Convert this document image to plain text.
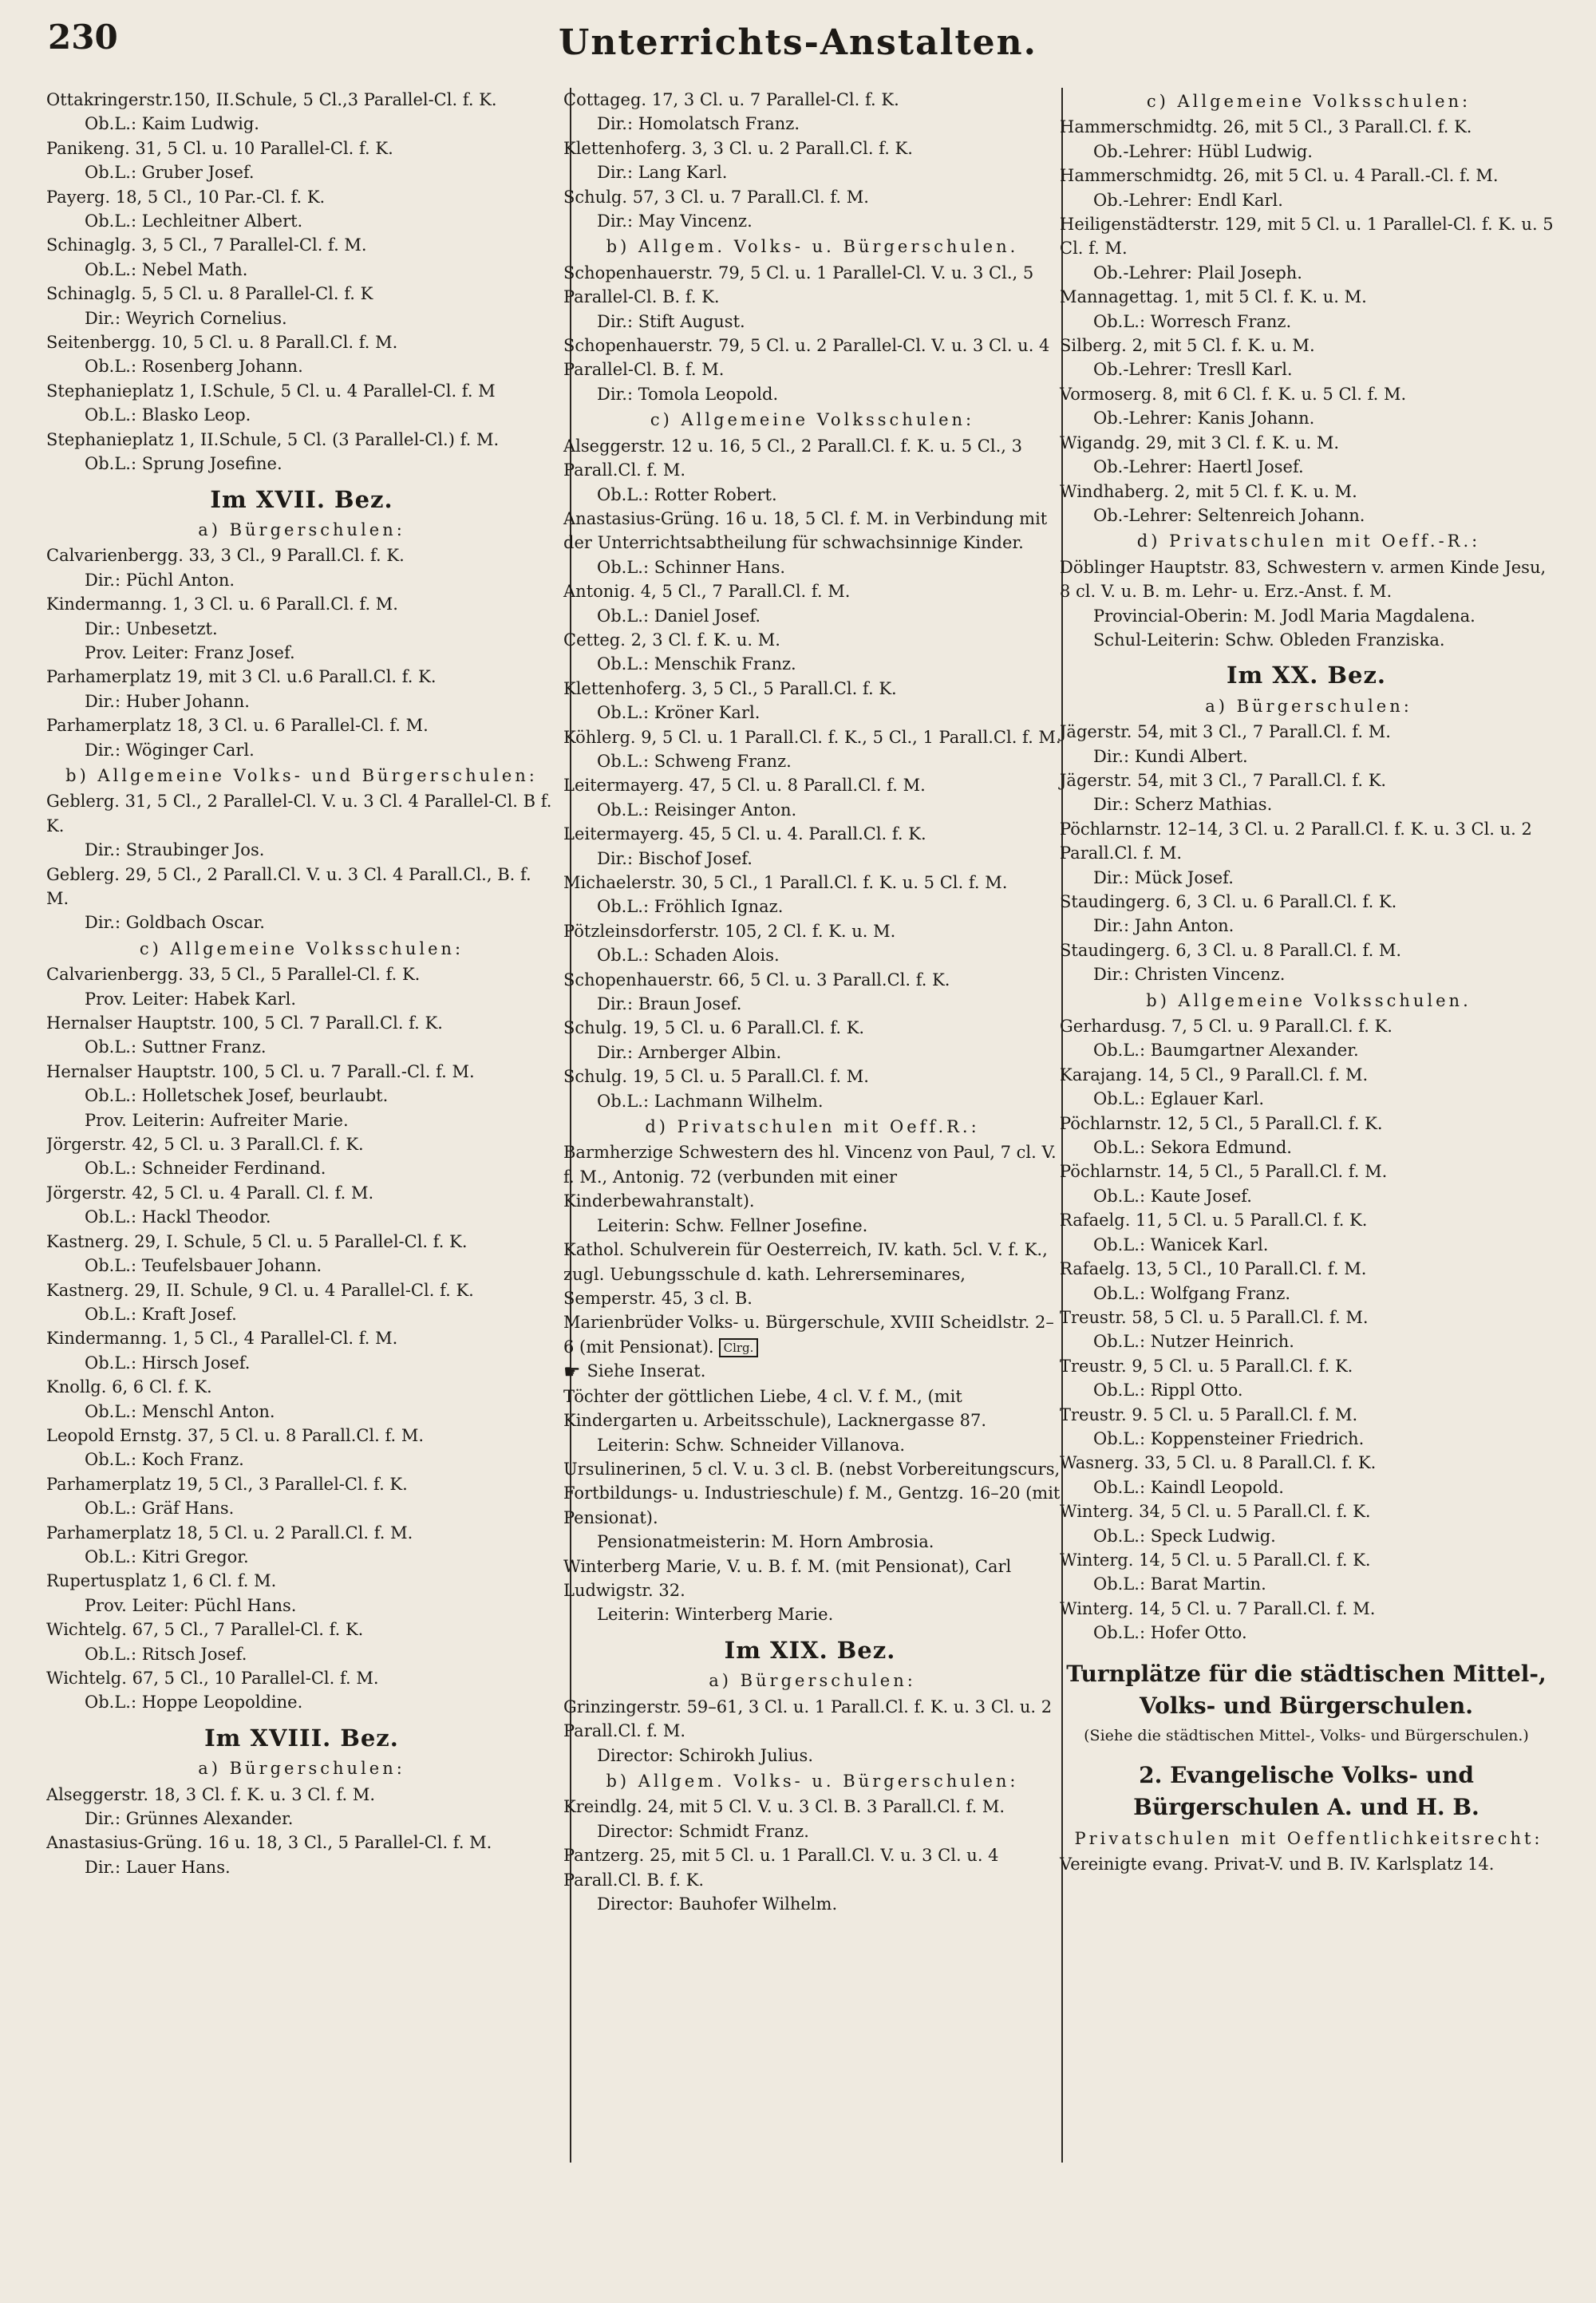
230	Unterrichts-Anstalten.
Ottakringerstr.150, II.Schule, 5 Cl.,3 Parallel-Cl. f. K.
Ob.L.: Kaim Ludwig.
Panikeng. 31, 5 Cl. u. 10 Parallel-Cl. f. K.
Ob.L.: Gruber Josef.
Payerg. 18, 5 Cl., 10 Par.-Cl. f. K.
Ob.L.: Lechleitner Albert.
Schinaglg. 3, 5 Cl., 7 Parallel-Cl. f. M.
Ob.L.: Nebel Math.
Schinaglg. 5, 5 Cl. u. 8 Parallel-Cl. f. K
Dir.: Weyrich Cornelius.
Seitenbergg. 10, 5 Cl. u. 8 Parall.Cl. f. M.
Ob.L.: Rosenberg Johann.
Stephanieplatz 1, I.Schule, 5 Cl. u. 4 Parallel-Cl. f. M
Ob.L.: Blasko Leop.
Stephanieplatz 1, II.Schule, 5 Cl. (3 Parallel-Cl.) f. M.
Ob.L.: Sprung Josefine.
Im XVII. Bez.
a) Bürgerschulen:
Calvarienbergg. 33, 3 Cl., 9 Parall.Cl. f. K.
Dir.: Püchl Anton.
Kindermanng. 1, 3 Cl. u. 6 Parall.Cl. f. M.
Dir.: Unbesetzt.
Prov. Leiter: Franz Josef.
Parhamerplatz 19, mit 3 Cl. u.6 Parall.Cl. f. K.
Dir.: Huber Johann.
Parhamerplatz 18, 3 Cl. u. 6 Parallel-Cl. f. M.
Dir.: Wöginger Carl.
b) Allgemeine Volks- und Bürgerschulen:
Geblerg. 31, 5 Cl., 2 Parallel-Cl. V. u. 3 Cl. 4 Parallel-Cl. B f. K.
Dir.: Straubinger Jos.
Geblerg. 29, 5 Cl., 2 Parall.Cl. V. u. 3 Cl. 4 Parall.Cl., B. f. M.
Dir.: Goldbach Oscar.
c) Allgemeine Volksschulen:
Calvarienbergg. 33, 5 Cl., 5 Parallel-Cl. f. K.
Prov. Leiter: Habek Karl.
Hernalser Hauptstr. 100, 5 Cl. 7 Parall.Cl. f. K.
Ob.L.: Suttner Franz.
Hernalser Hauptstr. 100, 5 Cl. u. 7 Parall.-Cl. f. M.
Ob.L.: Holletschek Josef, beurlaubt.
Prov. Leiterin: Aufreiter Marie.
Jörgerstr. 42, 5 Cl. u. 3 Parall.Cl. f. K.
Ob.L.: Schneider Ferdinand.
Jörgerstr. 42, 5 Cl. u. 4 Parall. Cl. f. M.
Ob.L.: Hackl Theodor.
Kastnerg. 29, I. Schule, 5 Cl. u. 5 Parallel-Cl. f. K.
Ob.L.: Teufelsbauer Johann.
Kastnerg. 29, II. Schule, 9 Cl. u. 4 Parallel-Cl. f. K.
Ob.L.: Kraft Josef.
Kindermanng. 1, 5 Cl., 4 Parallel-Cl. f. M.
Ob.L.: Hirsch Josef.
Knollg. 6, 6 Cl. f. K.
Ob.L.: Menschl Anton.
Leopold Ernstg. 37, 5 Cl. u. 8 Parall.Cl. f. M.
Ob.L.: Koch Franz.
Parhamerplatz 19, 5 Cl., 3 Parallel-Cl. f. K.
Ob.L.: Gräf Hans.
Parhamerplatz 18, 5 Cl. u. 2 Parall.Cl. f. M.
Ob.L.: Kitri Gregor.
Rupertusplatz 1, 6 Cl. f. M.
Prov. Leiter: Püchl Hans.
Wichtelg. 67, 5 Cl., 7 Parallel-Cl. f. K.
Ob.L.: Ritsch Josef.
Wichtelg. 67, 5 Cl., 10 Parallel-Cl. f. M.
Ob.L.: Hoppe Leopoldine.
Im XVIII. Bez.
a) Bürgerschulen:
Alseggerstr. 18, 3 Cl. f. K. u. 3 Cl. f. M.
Dir.: Grünnes Alexander.
Anastasius-Grüng. 16 u. 18, 3 Cl., 5 Parallel-Cl. f. M.
Dir.: Lauer Hans.
Cottageg. 17, 3 Cl. u. 7 Parallel-Cl. f. K.
Dir.: Homolatsch Franz.
Klettenhoferg. 3, 3 Cl. u. 2 Parall.Cl. f. K.
Dir.: Lang Karl.
Schulg. 57, 3 Cl. u. 7 Parall.Cl. f. M.
Dir.: May Vincenz.
b) Allgem. Volks- u. Bürgerschulen.
Schopenhauerstr. 79, 5 Cl. u. 1 Parallel-Cl. V. u. 3 Cl., 5 Parallel-Cl. B. f. K.
Dir.: Stift August.
Schopenhauerstr. 79, 5 Cl. u. 2 Parallel-Cl. V. u. 3 Cl. u. 4 Parallel-Cl. B. f. M.
Dir.: Tomola Leopold.
c) Allgemeine Volksschulen:
Alseggerstr. 12 u. 16, 5 Cl., 2 Parall.Cl. f. K. u. 5 Cl., 3 Parall.Cl. f. M.
Ob.L.: Rotter Robert.
Anastasius-Grüng. 16 u. 18, 5 Cl. f. M. in Verbindung mit der Unterrichtsabtheilung für schwachsinnige Kinder.
Ob.L.: Schinner Hans.
Antonig. 4, 5 Cl., 7 Parall.Cl. f. M.
Ob.L.: Daniel Josef.
Cetteg. 2, 3 Cl. f. K. u. M.
Ob.L.: Menschik Franz.
Klettenhoferg. 3, 5 Cl., 5 Parall.Cl. f. K.
Ob.L.: Kröner Karl.
Köhlerg. 9, 5 Cl. u. 1 Parall.Cl. f. K., 5 Cl., 1 Parall.Cl. f. M.
Ob.L.: Schweng Franz.
Leitermayerg. 47, 5 Cl. u. 8 Parall.Cl. f. M.
Ob.L.: Reisinger Anton.
Leitermayerg. 45, 5 Cl. u. 4. Parall.Cl. f. K.
Dir.: Bischof Josef.
Michaelerstr. 30, 5 Cl., 1 Parall.Cl. f. K. u. 5 Cl. f. M.
Ob.L.: Fröhlich Ignaz.
Pötzleinsdorferstr. 105, 2 Cl. f. K. u. M.
Ob.L.: Schaden Alois.
Schopenhauerstr. 66, 5 Cl. u. 3 Parall.Cl. f. K.
Dir.: Braun Josef.
Schulg. 19, 5 Cl. u. 6 Parall.Cl. f. K.
Dir.: Arnberger Albin.
Schulg. 19, 5 Cl. u. 5 Parall.Cl. f. M.
Ob.L.: Lachmann Wilhelm.
d) Privatschulen mit Oeff.R.:
Barmherzige Schwestern des hl. Vincenz von Paul, 7 cl. V. f. M., Antonig. 72 (verbunden mit einer Kinderbewahranstalt).
Leiterin: Schw. Fellner Josefine.
Kathol. Schulverein für Oesterreich, IV. kath. 5cl. V. f. K., zugl. Uebungsschule d. kath. Lehrerseminares, Semperstr. 45, 3 cl. B.
Marienbrüder Volks- u. Bürgerschule, XVIII Scheidlstr. 2–6 (mit Pensionat). Clrg.
☛ Siehe Inserat.
Töchter der göttlichen Liebe, 4 cl. V. f. M., (mit Kindergarten u. Arbeitsschule), Lacknergasse 87.
Leiterin: Schw. Schneider Villanova.
Ursulinerinen, 5 cl. V. u. 3 cl. B. (nebst Vorbereitungscurs, Fortbildungs- u. Industrieschule) f. M., Gentzg. 16–20 (mit Pensionat).
Pensionatmeisterin: M. Horn Ambrosia.
Winterberg Marie, V. u. B. f. M. (mit Pensionat), Carl Ludwigstr. 32.
Leiterin: Winterberg Marie.
Im XIX. Bez.
a) Bürgerschulen:
Grinzingerstr. 59–61, 3 Cl. u. 1 Parall.Cl. f. K. u. 3 Cl. u. 2 Parall.Cl. f. M.
Director: Schirokh Julius.
b) Allgem. Volks- u. Bürgerschulen:
Kreindlg. 24, mit 5 Cl. V. u. 3 Cl. B. 3 Parall.Cl. f. M.
Director: Schmidt Franz.
Pantzerg. 25, mit 5 Cl. u. 1 Parall.Cl. V. u. 3 Cl. u. 4 Parall.Cl. B. f. K.
Director: Bauhofer Wilhelm.
c) Allgemeine Volksschulen:
Hammerschmidtg. 26, mit 5 Cl., 3 Parall.Cl. f. K.
Ob.-Lehrer: Hübl Ludwig.
Hammerschmidtg. 26, mit 5 Cl. u. 4 Parall.-Cl. f. M.
Ob.-Lehrer: Endl Karl.
Heiligenstädterstr. 129, mit 5 Cl. u. 1 Parallel-Cl. f. K. u. 5 Cl. f. M.
Ob.-Lehrer: Plail Joseph.
Mannagettag. 1, mit 5 Cl. f. K. u. M.
Ob.L.: Worresch Franz.
Silberg. 2, mit 5 Cl. f. K. u. M.
Ob.-Lehrer: Tresll Karl.
Vormoserg. 8, mit 6 Cl. f. K. u. 5 Cl. f. M.
Ob.-Lehrer: Kanis Johann.
Wigandg. 29, mit 3 Cl. f. K. u. M.
Ob.-Lehrer: Haertl Josef.
Windhaberg. 2, mit 5 Cl. f. K. u. M.
Ob.-Lehrer: Seltenreich Johann.
d) Privatschulen mit Oeff.-R.:
Döblinger Hauptstr. 83, Schwestern v. armen Kinde Jesu, 8 cl. V. u. B. m. Lehr- u. Erz.-Anst. f. M.
Provincial-Oberin: M. Jodl Maria Magdalena.
Schul-Leiterin: Schw. Obleden Franziska.
Im XX. Bez.
a) Bürgerschulen:
Jägerstr. 54, mit 3 Cl., 7 Parall.Cl. f. M.
Dir.: Kundi Albert.
Jägerstr. 54, mit 3 Cl., 7 Parall.Cl. f. K.
Dir.: Scherz Mathias.
Pöchlarnstr. 12–14, 3 Cl. u. 2 Parall.Cl. f. K. u. 3 Cl. u. 2 Parall.Cl. f. M.
Dir.: Mück Josef.
Staudingerg. 6, 3 Cl. u. 6 Parall.Cl. f. K.
Dir.: Jahn Anton.
Staudingerg. 6, 3 Cl. u. 8 Parall.Cl. f. M.
Dir.: Christen Vincenz.
b) Allgemeine Volksschulen.
Gerhardusg. 7, 5 Cl. u. 9 Parall.Cl. f. K.
Ob.L.: Baumgartner Alexander.
Karajang. 14, 5 Cl., 9 Parall.Cl. f. M.
Ob.L.: Eglauer Karl.
Pöchlarnstr. 12, 5 Cl., 5 Parall.Cl. f. K.
Ob.L.: Sekora Edmund.
Pöchlarnstr. 14, 5 Cl., 5 Parall.Cl. f. M.
Ob.L.: Kaute Josef.
Rafaelg. 11, 5 Cl. u. 5 Parall.Cl. f. K.
Ob.L.: Wanicek Karl.
Rafaelg. 13, 5 Cl., 10 Parall.Cl. f. M.
Ob.L.: Wolfgang Franz.
Treustr. 58, 5 Cl. u. 5 Parall.Cl. f. M.
Ob.L.: Nutzer Heinrich.
Treustr. 9, 5 Cl. u. 5 Parall.Cl. f. K.
Ob.L.: Rippl Otto.
Treustr. 9. 5 Cl. u. 5 Parall.Cl. f. M.
Ob.L.: Koppensteiner Friedrich.
Wasnerg. 33, 5 Cl. u. 8 Parall.Cl. f. K.
Ob.L.: Kaindl Leopold.
Winterg. 34, 5 Cl. u. 5 Parall.Cl. f. K.
Ob.L.: Speck Ludwig.
Winterg. 14, 5 Cl. u. 5 Parall.Cl. f. K.
Ob.L.: Barat Martin.
Winterg. 14, 5 Cl. u. 7 Parall.Cl. f. M.
Ob.L.: Hofer Otto.
Turnplätze für die städtischen Mittel-, Volks- und Bürgerschulen.
(Siehe die städtischen Mittel-, Volks- und Bürgerschulen.)
2. Evangelische Volks- und Bürgerschulen A. und H. B.
Privatschulen mit Oeffentlichkeitsrecht:
Vereinigte evang. Privat-V. und B. IV. Karlsplatz 14.
